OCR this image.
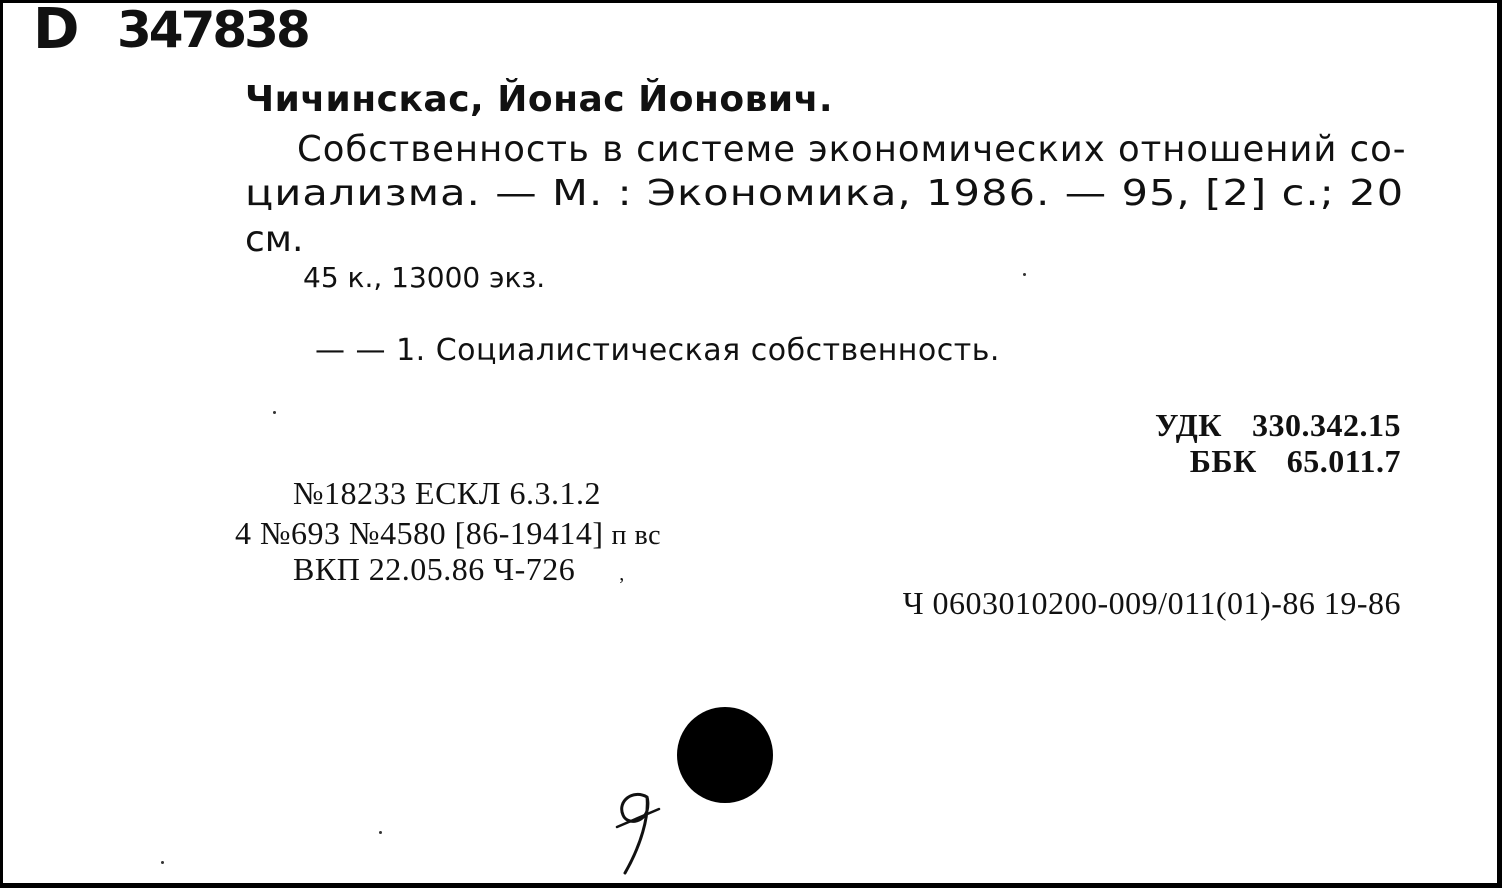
D 347838
Чичинскас, Йонас Йонович.
Собственность в системе экономических отношений со-
циализма. — М. : Экономика, 1986. — 95, [2] с.; 20
см.
45 к., 13000 экз.
— — 1. Социалистическая собственность.
УДК 330.342.15
ББК 65.011.7
№18233 ЕСКЛ 6.3.1.2
4 №693 №4580 [86-19414] п вс
ВКП 22.05.86 Ч-726 ,
Ч 0603010200-009/011(01)-86 19-86
